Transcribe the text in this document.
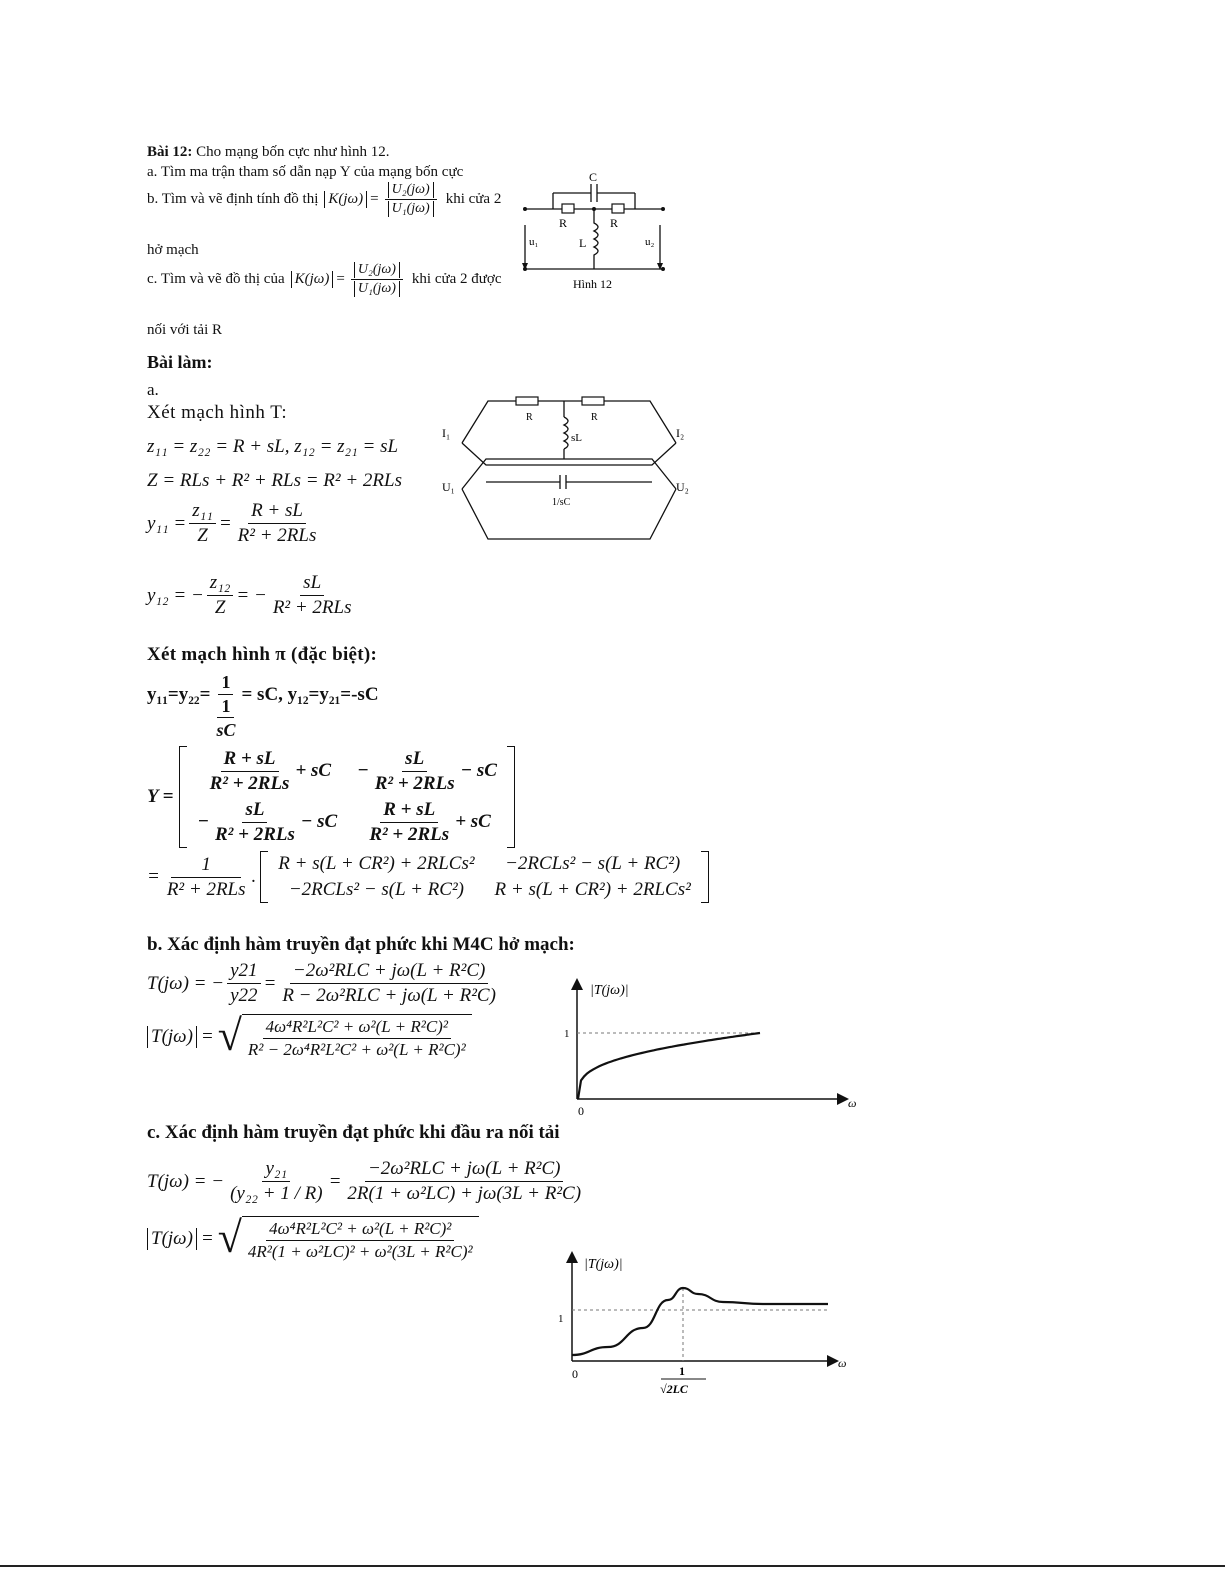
Bài 12: Cho mạng bốn cực như hình 12.
a. Tìm ma trận tham số dẫn nạp Y của mạng bốn cực
b. Tìm và vẽ định tính đồ thị $K(j\omega) = \frac{\text{U₂(jω)}}{\text{U₁(jω)}}$ khi cửa 2
hở mạch
c. Tìm và vẽ đồ thị của $K(j\omega) = \frac{\text{U₂(jω)}}{\text{U₁(jω)}}$ khi cửa 2 được
nối với tải R
C
R	R
L
u₁	u₂
Hình 12
Bài làm:
a.
Xét mạch hình T:
z₁₁ = z₂₂ = R + sL, z₁₂ = z₂₁ = sL
Z = RLs + R² + RLs = R² + 2RLs
$y_{11} = \frac{\text{z₁₁}}{Z} = \frac{R + sL}{\text{R² + 2RLs}}$
y₁₂ = − $\frac{\text{z₁₂}}{Z}$ = − $\frac{sL}{\text{R² + 2RLs}}$
R	R
sL
1/sC
I₁	I₂
U₁	U₂
Xét mạch hình π (đặc biệt):
$y_{11}=y_{22}= \frac{1}{\frac{1}{sC}}$ = sC, y₁₂=y₂₁=-sC
Y =
$\frac{R + sL}{\text{R² + 2RLs}}$ + sC	− $\frac{sL}{\text{R² + 2RLs}}$ − sC
− $\frac{sL}{\text{R² + 2RLs}}$ − sC	$\frac{R + sL}{\text{R² + 2RLs}}$ + sC
= $\frac{1}{\text{R² + 2RLs}}$ .
R + s(L + CR²) + 2RLCs²	−2RCLs² − s(L + RC²)
−2RCLs² − s(L + RC²)	R + s(L + CR²) + 2RLCs²
b. Xác định hàm truyền đạt phức khi M4C hở mạch:
T(jω) = − $\frac{y21}{y22} = \frac{\text{−2ω²RLC + jω(L + R²C)}}{\text{R − 2ω²RLC + jω(L + R²C)}}$
T(jω) = √ $\frac{\text{4ω⁴R²L²C² + ω²(L + R²C)²}}{\text{R² − 2ω⁴R²L²C² + ω²(L + R²C)²}}$
|T(jω)|
1
0
ω
c. Xác định hàm truyền đạt phức khi đầu ra nối tải
T(jω) = − $\frac{\text{y₂₁}}{\text{(y₂₂ + 1 / R)}} = \frac{\text{−2ω²RLC + jω(L + R²C)}}{\text{2R(1 + ω²LC) + jω(3L + R²C)}}$
T(jω) = √ $\frac{\text{4ω⁴R²L²C² + ω²(L + R²C)²}}{\text{4R²(1 + ω²LC)² + ω²(3L + R²C)²}}$
|T(jω)|
1
0
ω
1
√2LC
